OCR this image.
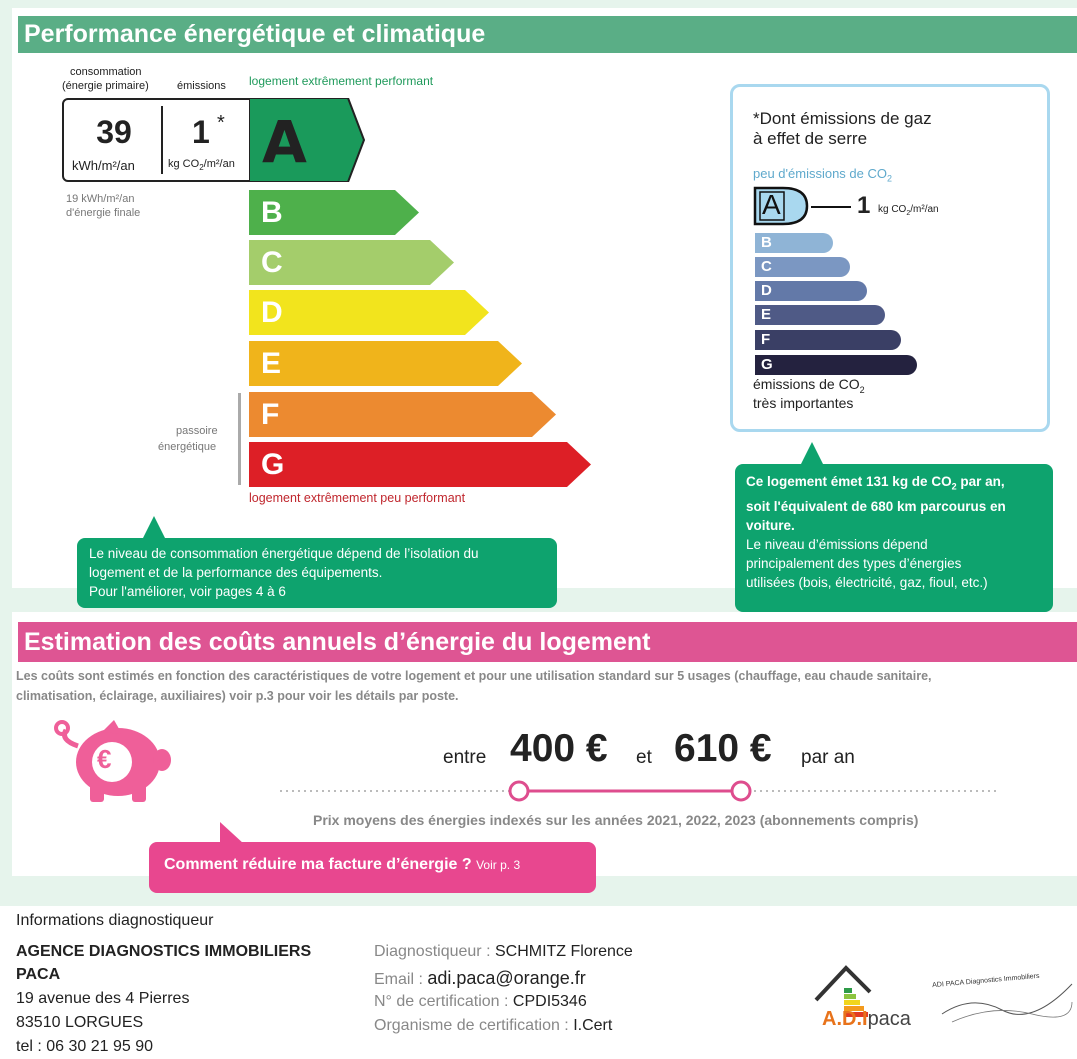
Performance énergétique et climatique
consommation
(énergie primaire)	émissions logement extrêmement performant
39
kWh/m²/an
1 *
kg $CO_2/m^2/an$
19 kWh/m²/an
d'énergie finale
A
B
C
D
E
F
G
passoire
énergétique
logement extrêmement peu performant
Le niveau de consommation énergétique dépend de l’isolation du
logement et de la performance des équipements.
Pour l'améliorer, voir pages 4 à 6
*Dont émissions de gaz
à effet de serre
peu d'émissions de $CO_2$
A	1 kg $CO_2/m^2/an$
B
C
D
E
F
G
émissions de $CO_2$
très importantes
Ce logement émet 131 kg de $CO_2$ par an,
soit l'équivalent de 680 km parcourus en
voiture.
Le niveau d’émissions dépend
principalement des types d’énergies
utilisées (bois, électricité, gaz, fioul, etc.)
Estimation des coûts annuels d’énergie du logement
Les coûts sont estimés en fonction des caractéristiques de votre logement et pour une utilisation standard sur 5 usages (chauffage, eau chaude sanitaire,
climatisation, éclairage, auxiliaires) voir p.3 pour voir les détails par poste.
€	entre 400 € et 610 € par an
Prix moyens des énergies indexés sur les années 2021, 2022, 2023 (abonnements compris)
Comment réduire ma facture d’énergie ? Voir p. 3
Informations diagnostiqueur
AGENCE DIAGNOSTICS IMMOBILIERS
PACA
19 avenue des 4 Pierres
83510 LORGUES
tel : 06 30 21 95 90
Diagnostiqueur : SCHMITZ Florence
Email : adi.paca@orange.fr
N° de certification : CPDI5346
Organisme de certification : I.Cert	A.D.Ipaca
ADI PACA Diagnostics Immobiliers
